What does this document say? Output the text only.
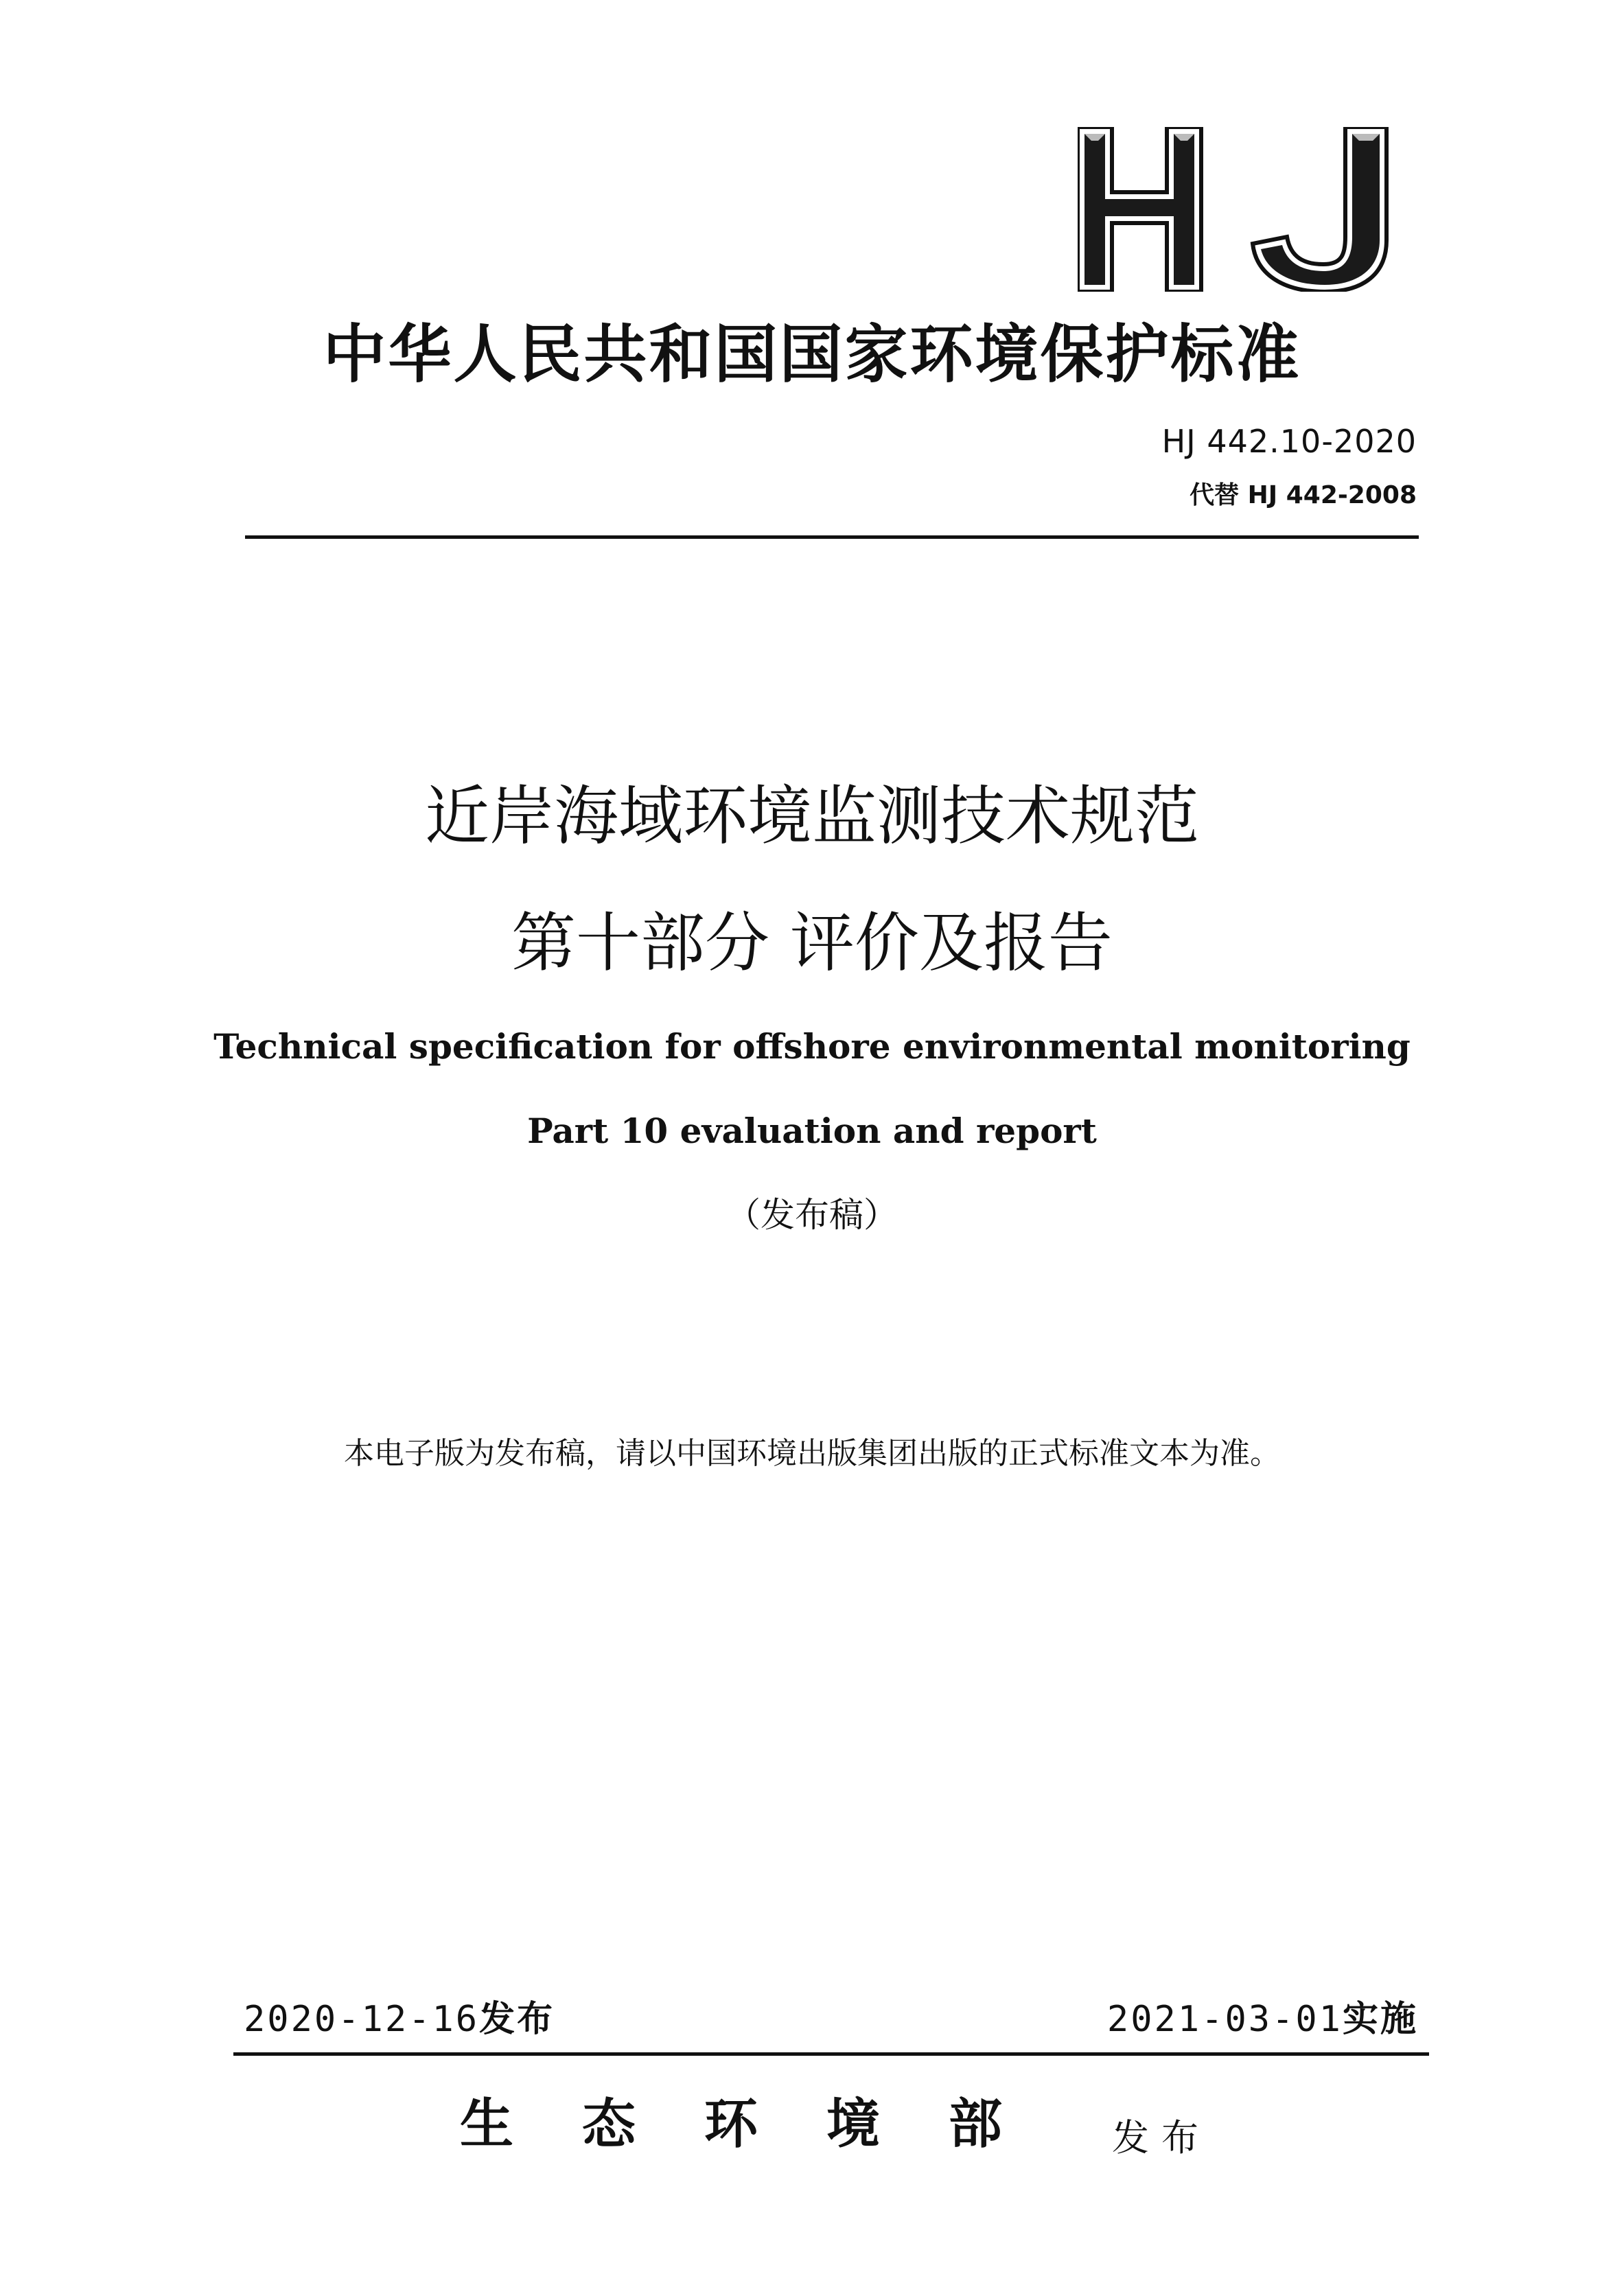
中华人民共和国国家环境保护标准
HJ 442.10-2020
代替 HJ 442-2008
近岸海域环境监测技术规范
第十部分 评价及报告
Technical specification for offshore environmental monitoring
Part 10 evaluation and report
（发布稿）
本电子版为发布稿，请以中国环境出版集团出版的正式标准文本为准。
2020-12-16发布	2021-03-01实施
生态环境部 发布
